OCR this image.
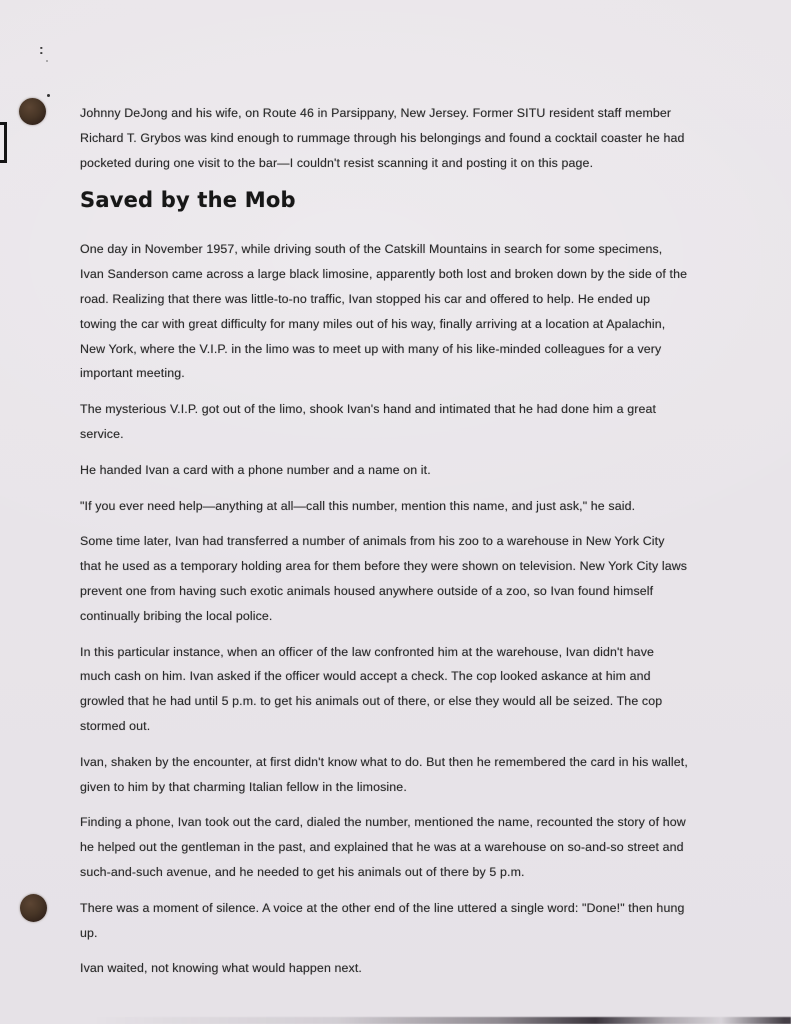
:

Johnny DeJong and his wife, on Route 46 in Parsippany, New Jersey. Former SITU resident staff member Richard T. Grybos was kind enough to rummage through his belongings and found a cocktail coaster he had pocketed during one visit to the bar—I couldn't resist scanning it and posting it on this page.

Saved by the Mob

One day in November 1957, while driving south of the Catskill Mountains in search for some specimens, Ivan Sanderson came across a large black limosine, apparently both lost and broken down by the side of the road. Realizing that there was little-to-no traffic, Ivan stopped his car and offered to help. He ended up towing the car with great difficulty for many miles out of his way, finally arriving at a location at Apalachin, New York, where the V.I.P. in the limo was to meet up with many of his like-minded colleagues for a very important meeting.

The mysterious V.I.P. got out of the limo, shook Ivan's hand and intimated that he had done him a great service.

He handed Ivan a card with a phone number and a name on it.

"If you ever need help—anything at all—call this number, mention this name, and just ask," he said.

Some time later, Ivan had transferred a number of animals from his zoo to a warehouse in New York City that he used as a temporary holding area for them before they were shown on television. New York City laws prevent one from having such exotic animals housed anywhere outside of a zoo, so Ivan found himself continually bribing the local police.

In this particular instance, when an officer of the law confronted him at the warehouse, Ivan didn't have much cash on him. Ivan asked if the officer would accept a check. The cop looked askance at him and growled that he had until 5 p.m. to get his animals out of there, or else they would all be seized. The cop stormed out.

Ivan, shaken by the encounter, at first didn't know what to do. But then he remembered the card in his wallet, given to him by that charming Italian fellow in the limosine.

Finding a phone, Ivan took out the card, dialed the number, mentioned the name, recounted the story of how he helped out the gentleman in the past, and explained that he was at a warehouse on so-and-so street and such-and-such avenue, and he needed to get his animals out of there by 5 p.m.

There was a moment of silence. A voice at the other end of the line uttered a single word: "Done!" then hung up.

Ivan waited, not knowing what would happen next.
